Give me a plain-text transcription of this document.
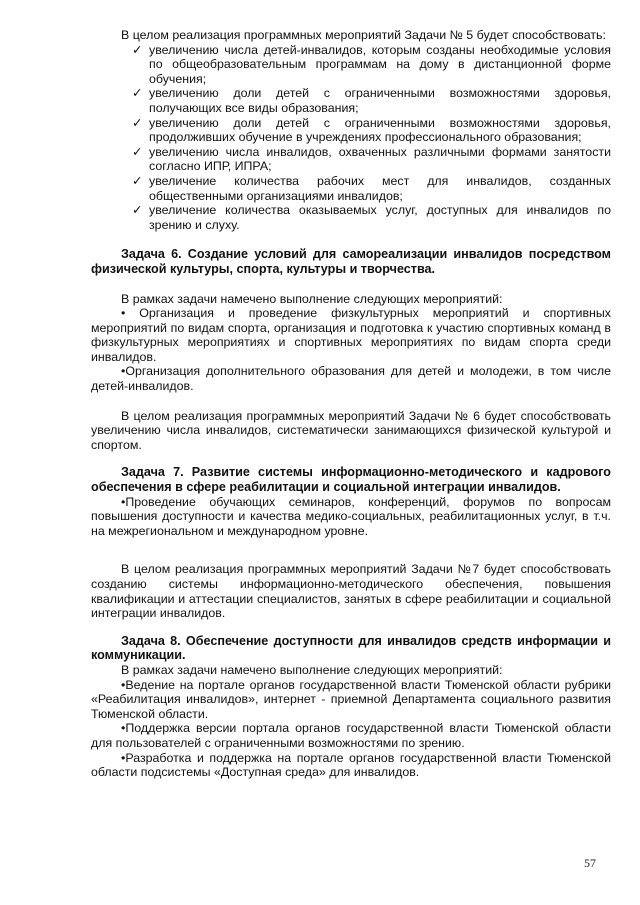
В целом реализация программных мероприятий Задачи № 5 будет способствовать:

✓ увеличению числа детей-инвалидов, которым созданы необходимые условия по общеобразовательным программам на дому в дистанционной форме обучения;
✓ увеличению доли детей с ограниченными возможностями здоровья, получающих все виды образования;
✓ увеличению доли детей с ограниченными возможностями здоровья, продолживших обучение в учреждениях профессионального образования;
✓ увеличению числа инвалидов, охваченных различными формами занятости согласно ИПР, ИПРА;
✓ увеличение количества рабочих мест для инвалидов, созданных общественными организациями инвалидов;
✓ увеличение количества оказываемых услуг, доступных для инвалидов по зрению и слуху.
Задача 6. Создание условий для самореализации инвалидов посредством физической культуры, спорта, культуры и творчества.

В рамках задачи намечено выполнение следующих мероприятий:

• Организация и проведение физкультурных мероприятий и спортивных мероприятий по видам спорта, организация и подготовка к участию спортивных команд в физкультурных мероприятиях и спортивных мероприятиях по видам спорта среди инвалидов.

•Организация дополнительного образования для детей и молодежи, в том числе детей-инвалидов.

В целом реализация программных мероприятий Задачи № 6 будет способствовать увеличению числа инвалидов, систематически занимающихся физической культурой и спортом.

Задача 7. Развитие системы информационно-методического и кадрового обеспечения в сфере реабилитации и социальной интеграции инвалидов.

•Проведение обучающих семинаров, конференций, форумов по вопросам повышения доступности и качества медико-социальных, реабилитационных услуг, в т.ч. на межрегиональном и международном уровне.

В целом реализация программных мероприятий Задачи №7 будет способствовать созданию системы информационно-методического обеспечения, повышения квалификации и аттестации специалистов, занятых в сфере реабилитации и социальной интеграции инвалидов.

Задача 8. Обеспечение доступности для инвалидов средств информации и коммуникации.

В рамках задачи намечено выполнение следующих мероприятий:

•Ведение на портале органов государственной власти Тюменской области рубрики «Реабилитация инвалидов», интернет - приемной Департамента социального развития Тюменской области.

•Поддержка версии портала органов государственной власти Тюменской области для пользователей с ограниченными возможностями по зрению.

•Разработка и поддержка на портале органов государственной власти Тюменской области подсистемы «Доступная среда» для инвалидов.

57
